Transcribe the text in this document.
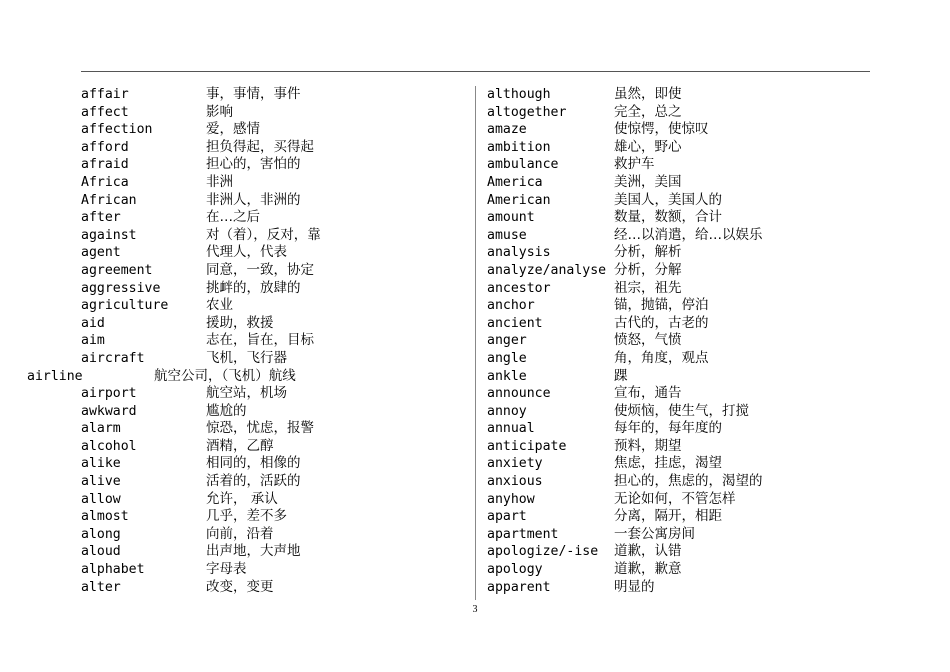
affair	事，事情，事件
affect	影响
affection	爱，感情
afford	担负得起，买得起
afraid	担心的，害怕的
Africa	非洲
African	非洲人，非洲的
after	在…之后
against	对（着），反对，靠
agent	代理人，代表
agreement	同意，一致，协定
aggressive	挑衅的，放肆的
agriculture	农业
aid	援助，救援
aim	志在，旨在，目标
aircraft	飞机，飞行器
airline	航空公司，（飞机）航线
airport	航空站，机场
awkward	尴尬的
alarm	惊恐，忧虑，报警
alcohol	酒精，乙醇
alike	相同的，相像的
alive	活着的，活跃的
allow	允许， 承认
almost	几乎，差不多
along	向前，沿着
aloud	出声地，大声地
alphabet	字母表
alter	改变，变更
although	虽然，即使
altogether	完全，总之
amaze	使惊愕，使惊叹
ambition	雄心，野心
ambulance	救护车
America	美洲，美国
American	美国人，美国人的
amount	数量，数额，合计
amuse	经…以消遣，给…以娱乐
analysis	分析，解析
analyze/analyse 分析，分解
ancestor	祖宗，祖先
anchor	锚，抛锚，停泊
ancient	古代的，古老的
anger	愤怒，气愤
angle	角，角度，观点
ankle	踝
announce	宣布，通告
annoy	使烦恼，使生气，打搅
annual	每年的，每年度的
anticipate	预料，期望
anxiety	焦虑，挂虑，渴望
anxious	担心的，焦虑的，渴望的
anyhow	无论如何，不管怎样
apart	分离，隔开，相距
apartment	一套公寓房间
apologize/-ise 道歉，认错
apology	道歉，歉意
apparent	明显的
3
